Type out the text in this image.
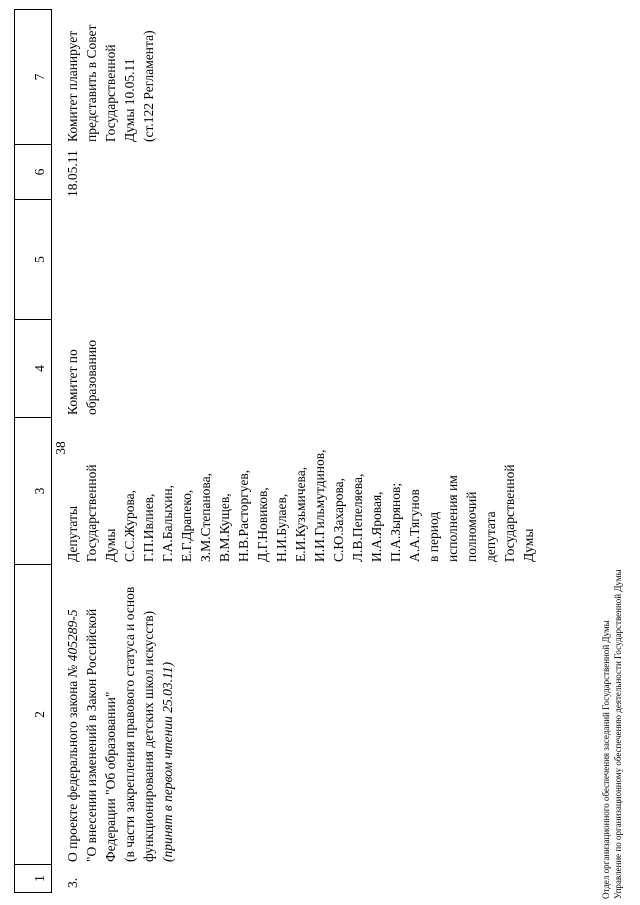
1
2
3
4
5
6
7
38
3.
О проекте федерального закона № 405289-5 "О внесении изменений в Закон Российской Федерации "Об образовании" (в части закрепления правового статуса и основ функционирования детских школ искусств) (принят в первом чтении 25.03.11)
Депутаты Государственной Думы С.С.Журова, Г.П.Ивлиев, Г.А.Балыхин, Е.Г.Драпеко, З.М.Степанова, В.М.Кущев, Н.В.Расторгуев, Д.Г.Новиков, Н.И.Булаев, Е.И.Кузьмичева, И.И.Гильмутдинов, С.Ю.Захарова, Л.В.Пепеляева, И.А.Яровая, П.А.Зырянов; А.А.Тягунов в период исполнения им полномочий депутата Государственной Думы
Комитет по образованию
18.05.11
Комитет планирует представить в Совет Государственной Думы 10.05.11 (ст.122 Регламента)
Отдел организационного обеспечения заседаний Государственной Думы Управление по организационному обеспечению деятельности Государственной Думы
